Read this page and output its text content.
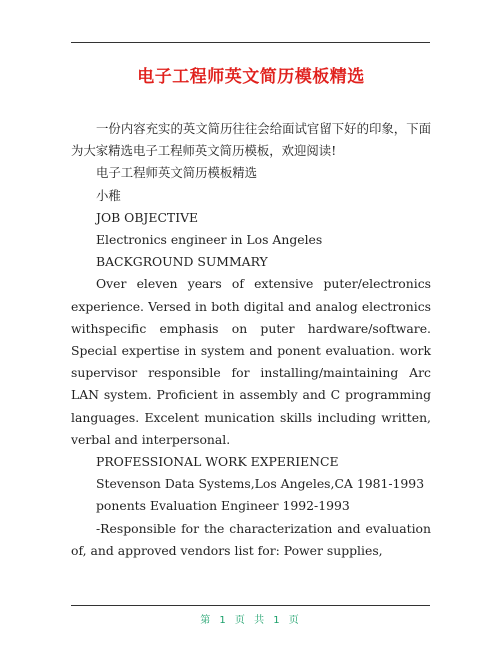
电子工程师英文简历模板精选

一份内容充实的英文简历往往会给面试官留下好的印象，下面为大家精选电子工程师英文简历模板，欢迎阅读!

电子工程师英文简历模板精选

小稚

JOB OBJECTIVE

Electronics engineer in Los Angeles

BACKGROUND SUMMARY

Over eleven years of extensive puter/electronics experience. Versed in both digital and analog electronics withspecific emphasis on puter hardware/software. Special expertise in system and ponent evaluation. work supervisor responsible for installing/maintaining Arc LAN system. Proficient in assembly and C programming languages. Excelent munication skills including written, verbal and interpersonal.

PROFESSIONAL WORK EXPERIENCE

Stevenson Data Systems,Los Angeles,CA 1981-1993

ponents Evaluation Engineer 1992-1993

-Responsible for the characterization and evaluation of, and approved vendors list for: Power supplies,

第 1 页 共 1 页
